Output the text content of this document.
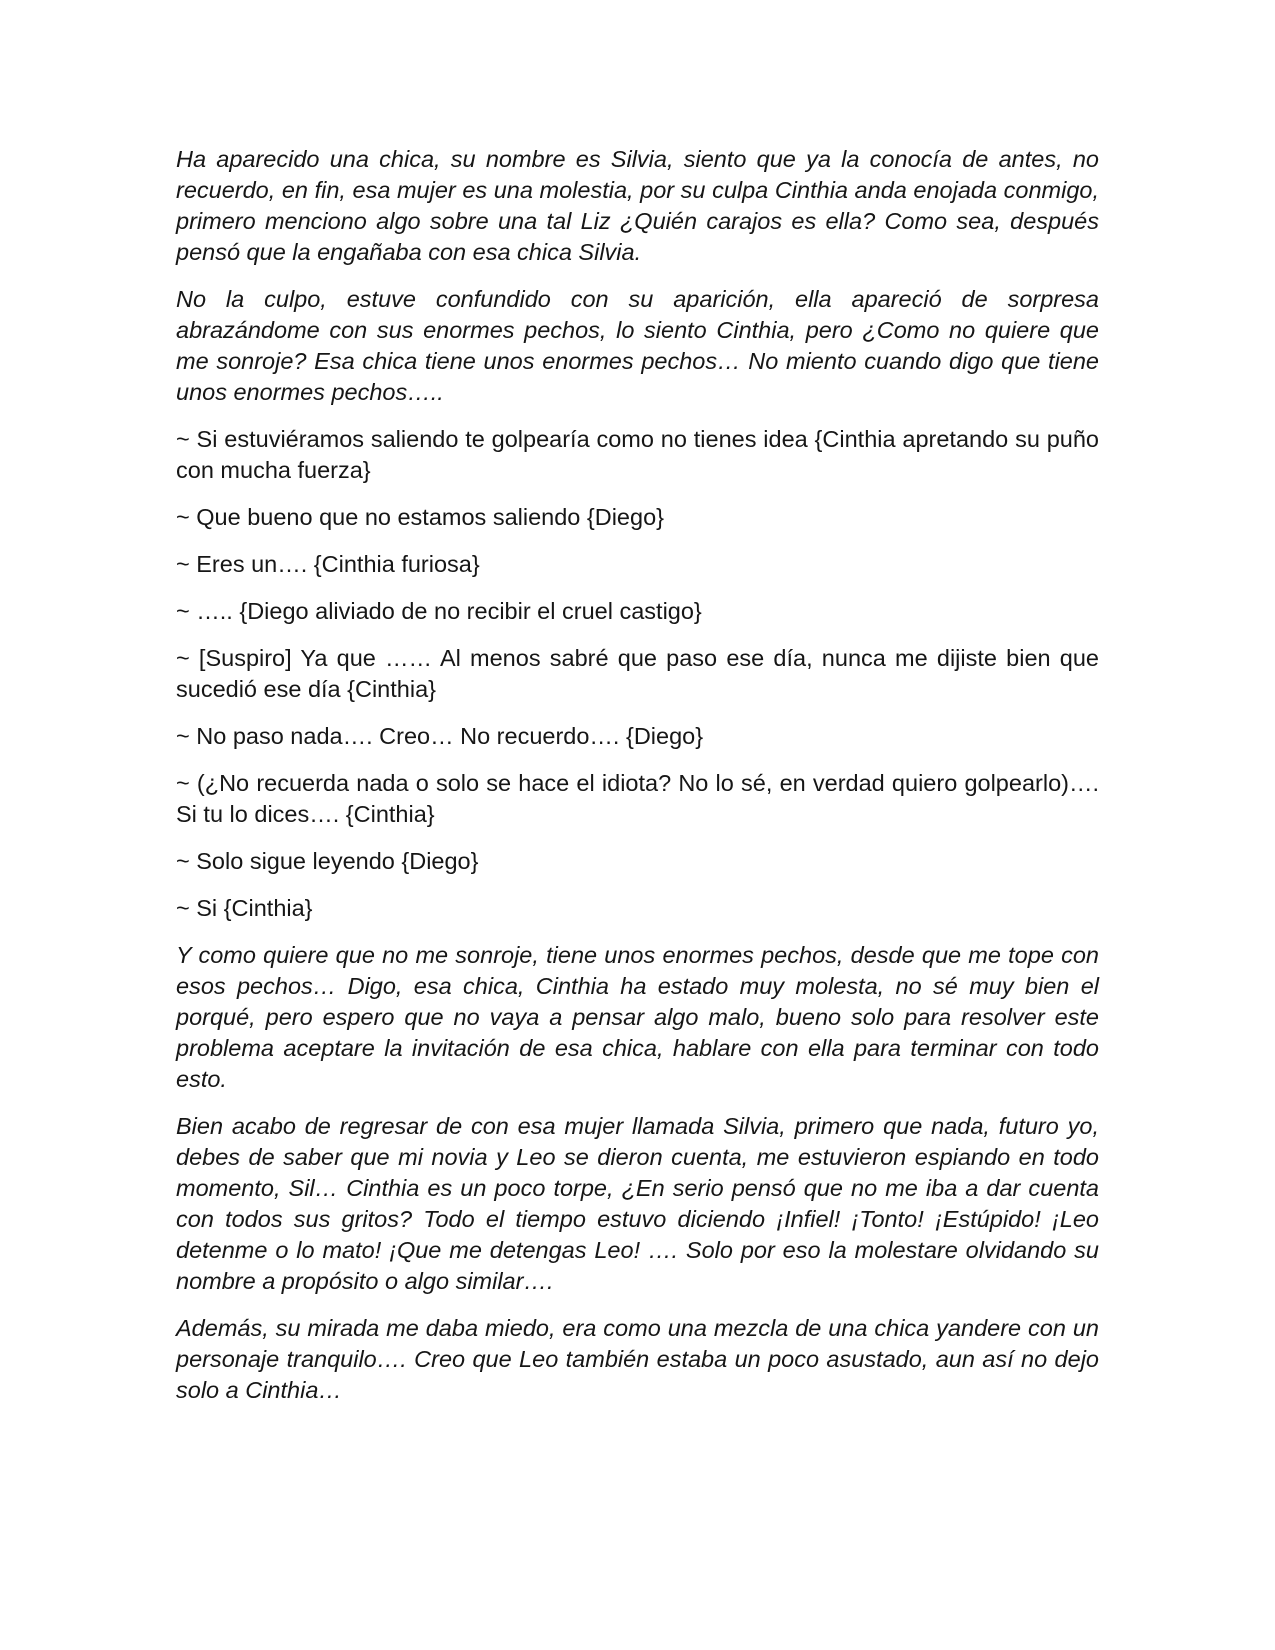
Ha aparecido una chica, su nombre es Silvia, siento que ya la conocía de antes, no recuerdo, en fin, esa mujer es una molestia, por su culpa Cinthia anda enojada conmigo, primero menciono algo sobre una tal Liz ¿Quién carajos es ella? Como sea, después pensó que la engañaba con esa chica Silvia.

No la culpo, estuve confundido con su aparición, ella apareció de sorpresa abrazándome con sus enormes pechos, lo siento Cinthia, pero ¿Como no quiere que me sonroje? Esa chica tiene unos enormes pechos… No miento cuando digo que tiene unos enormes pechos…..

~ Si estuviéramos saliendo te golpearía como no tienes idea {Cinthia apretando su puño con mucha fuerza}

~ Que bueno que no estamos saliendo {Diego}

~ Eres un…. {Cinthia furiosa}

~ ….. {Diego aliviado de no recibir el cruel castigo}

~ [Suspiro] Ya que …… Al menos sabré que paso ese día, nunca me dijiste bien que sucedió ese día {Cinthia}

~ No paso nada…. Creo… No recuerdo…. {Diego}

~ (¿No recuerda nada o solo se hace el idiota? No lo sé, en verdad quiero golpearlo)…. Si tu lo dices…. {Cinthia}

~ Solo sigue leyendo {Diego}

~ Si {Cinthia}

Y como quiere que no me sonroje, tiene unos enormes pechos, desde que me tope con esos pechos… Digo, esa chica, Cinthia ha estado muy molesta, no sé muy bien el porqué, pero espero que no vaya a pensar algo malo, bueno solo para resolver este problema aceptare la invitación de esa chica, hablare con ella para terminar con todo esto.

Bien acabo de regresar de con esa mujer llamada Silvia, primero que nada, futuro yo, debes de saber que mi novia y Leo se dieron cuenta, me estuvieron espiando en todo momento, Sil… Cinthia es un poco torpe, ¿En serio pensó que no me iba a dar cuenta con todos sus gritos? Todo el tiempo estuvo diciendo ¡Infiel! ¡Tonto! ¡Estúpido! ¡Leo detenme o lo mato! ¡Que me detengas Leo! …. Solo por eso la molestare olvidando su nombre a propósito o algo similar….

Además, su mirada me daba miedo, era como una mezcla de una chica yandere con un personaje tranquilo…. Creo que Leo también estaba un poco asustado, aun así no dejo solo a Cinthia…
